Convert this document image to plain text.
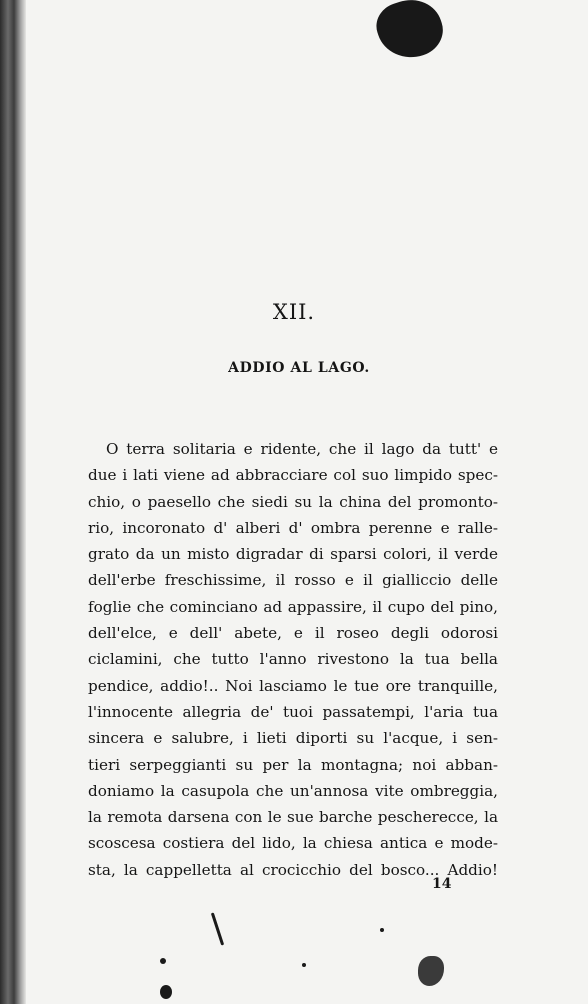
XII.
ADDIO AL LAGO.
O terra solitaria e ridente, che il lago da tutt' e
due i lati viene ad abbracciare col suo limpido spec-
chio, o paesello che siedi su la china del promonto-
rio, incoronato d' alberi d' ombra perenne e ralle-
grato da un misto digradar di sparsi colori, il verde
dell'erbe freschissime, il rosso e il gialliccio delle
foglie che cominciano ad appassire, il cupo del pino,
dell'elce, e dell' abete, e il roseo degli odorosi
ciclamini, che tutto l'anno rivestono la tua bella
pendice, addio!.. Noi lasciamo le tue ore tranquille,
l'innocente allegria de' tuoi passatempi, l'aria tua
sincera e salubre, i lieti diporti su l'acque, i sen-
tieri serpeggianti su per la montagna; noi abban-
doniamo la casupola che un'annosa vite ombreggia,
la remota darsena con le sue barche pescherecce, la
scoscesa costiera del lido, la chiesa antica e mode-
sta, la cappelletta al crocicchio del bosco... Addio!
14
